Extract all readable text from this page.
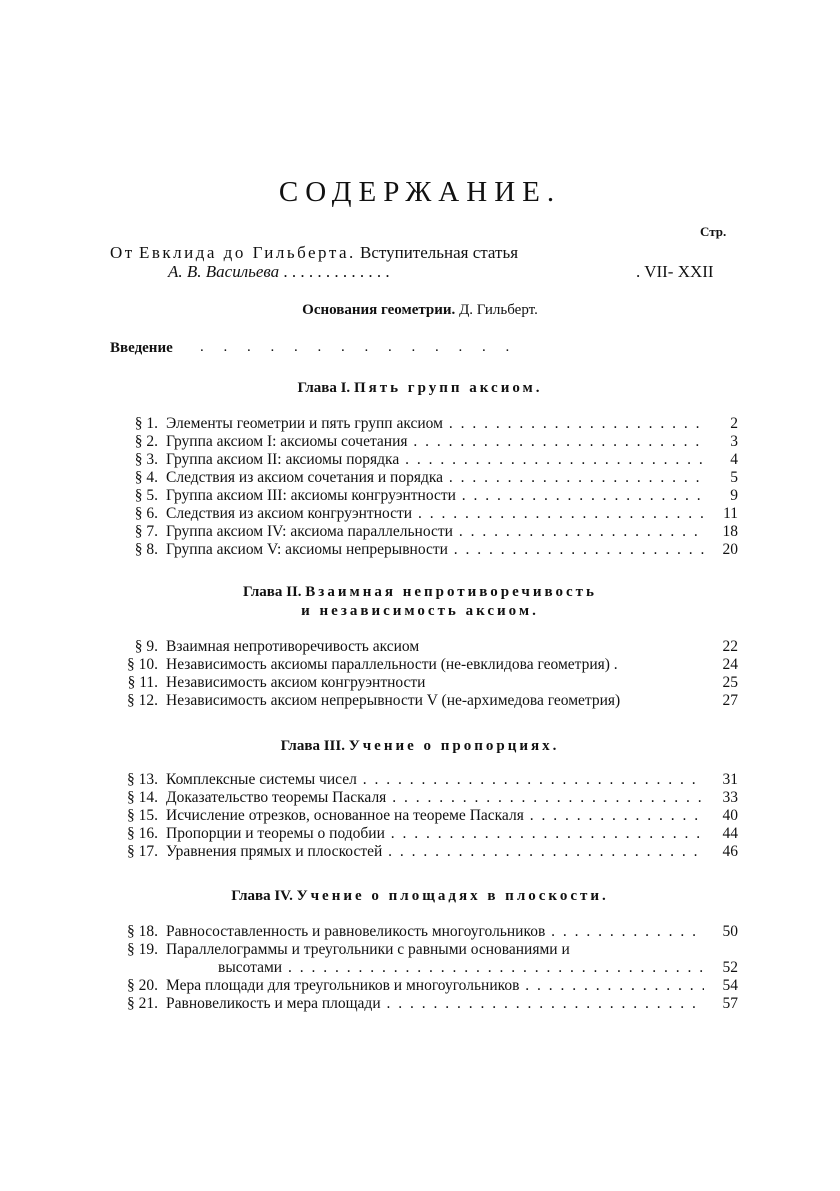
СОДЕРЖАНИЕ.
Стр.
От Евклида до Гильберта. Вступительная статья
А. В. Васильева . . . . . . . . . . . . .	. VII- XXII
Основания геометрии. Д. Гильберт.
Введение . . . . . . . . . . . . . .
Глава I. Пять групп аксиом.
§ 1. Элементы геометрии и пять групп аксиом . . .	2
§ 2. Группа аксиом I: аксиомы сочетания . . .	3
§ 3. Группа аксиом II: аксиомы порядка . . .	4
§ 4. Следствия из аксиом сочетания и порядка . . .	5
§ 5. Группа аксиом III: аксиомы конгруэнтности . . .	9
§ 6. Следствия из аксиом конгруэнтности . . .	11
§ 7. Группа аксиом IV: аксиома параллельности . . .	18
§ 8. Группа аксиом V: аксиомы непрерывности . . .	20
Глава II. Взаимная непротиворечивость
и независимость аксиом.
§ 9. Взаимная непротиворечивость аксиом	22
§ 10. Независимость аксиомы параллельности (не-евклидова геометрия) .	24
§ 11. Независимость аксиом конгруэнтности	25
§ 12. Независимость аксиом непрерывности V (не-архимедова геометрия)	27
Глава III. Учение о пропорциях.
§ 13. Комплексные системы чисел . . .	31
§ 14. Доказательство теоремы Паскаля . . .	33
§ 15. Исчисление отрезков, основанное на теореме Паскаля . . .	40
§ 16. Пропорции и теоремы о подобии . . .	44
§ 17. Уравнения прямых и плоскостей . . .	46
Глава IV. Учение о площадях в плоскости.
§ 18. Равносоставленность и равновеликость многоугольников . . .	50
§ 19. Параллелограммы и треугольники с равными основаниями и
высотами . . .	52
§ 20. Мера площади для треугольников и многоугольников . . .	54
§ 21. Равновеликость и мера площади . . .	57
